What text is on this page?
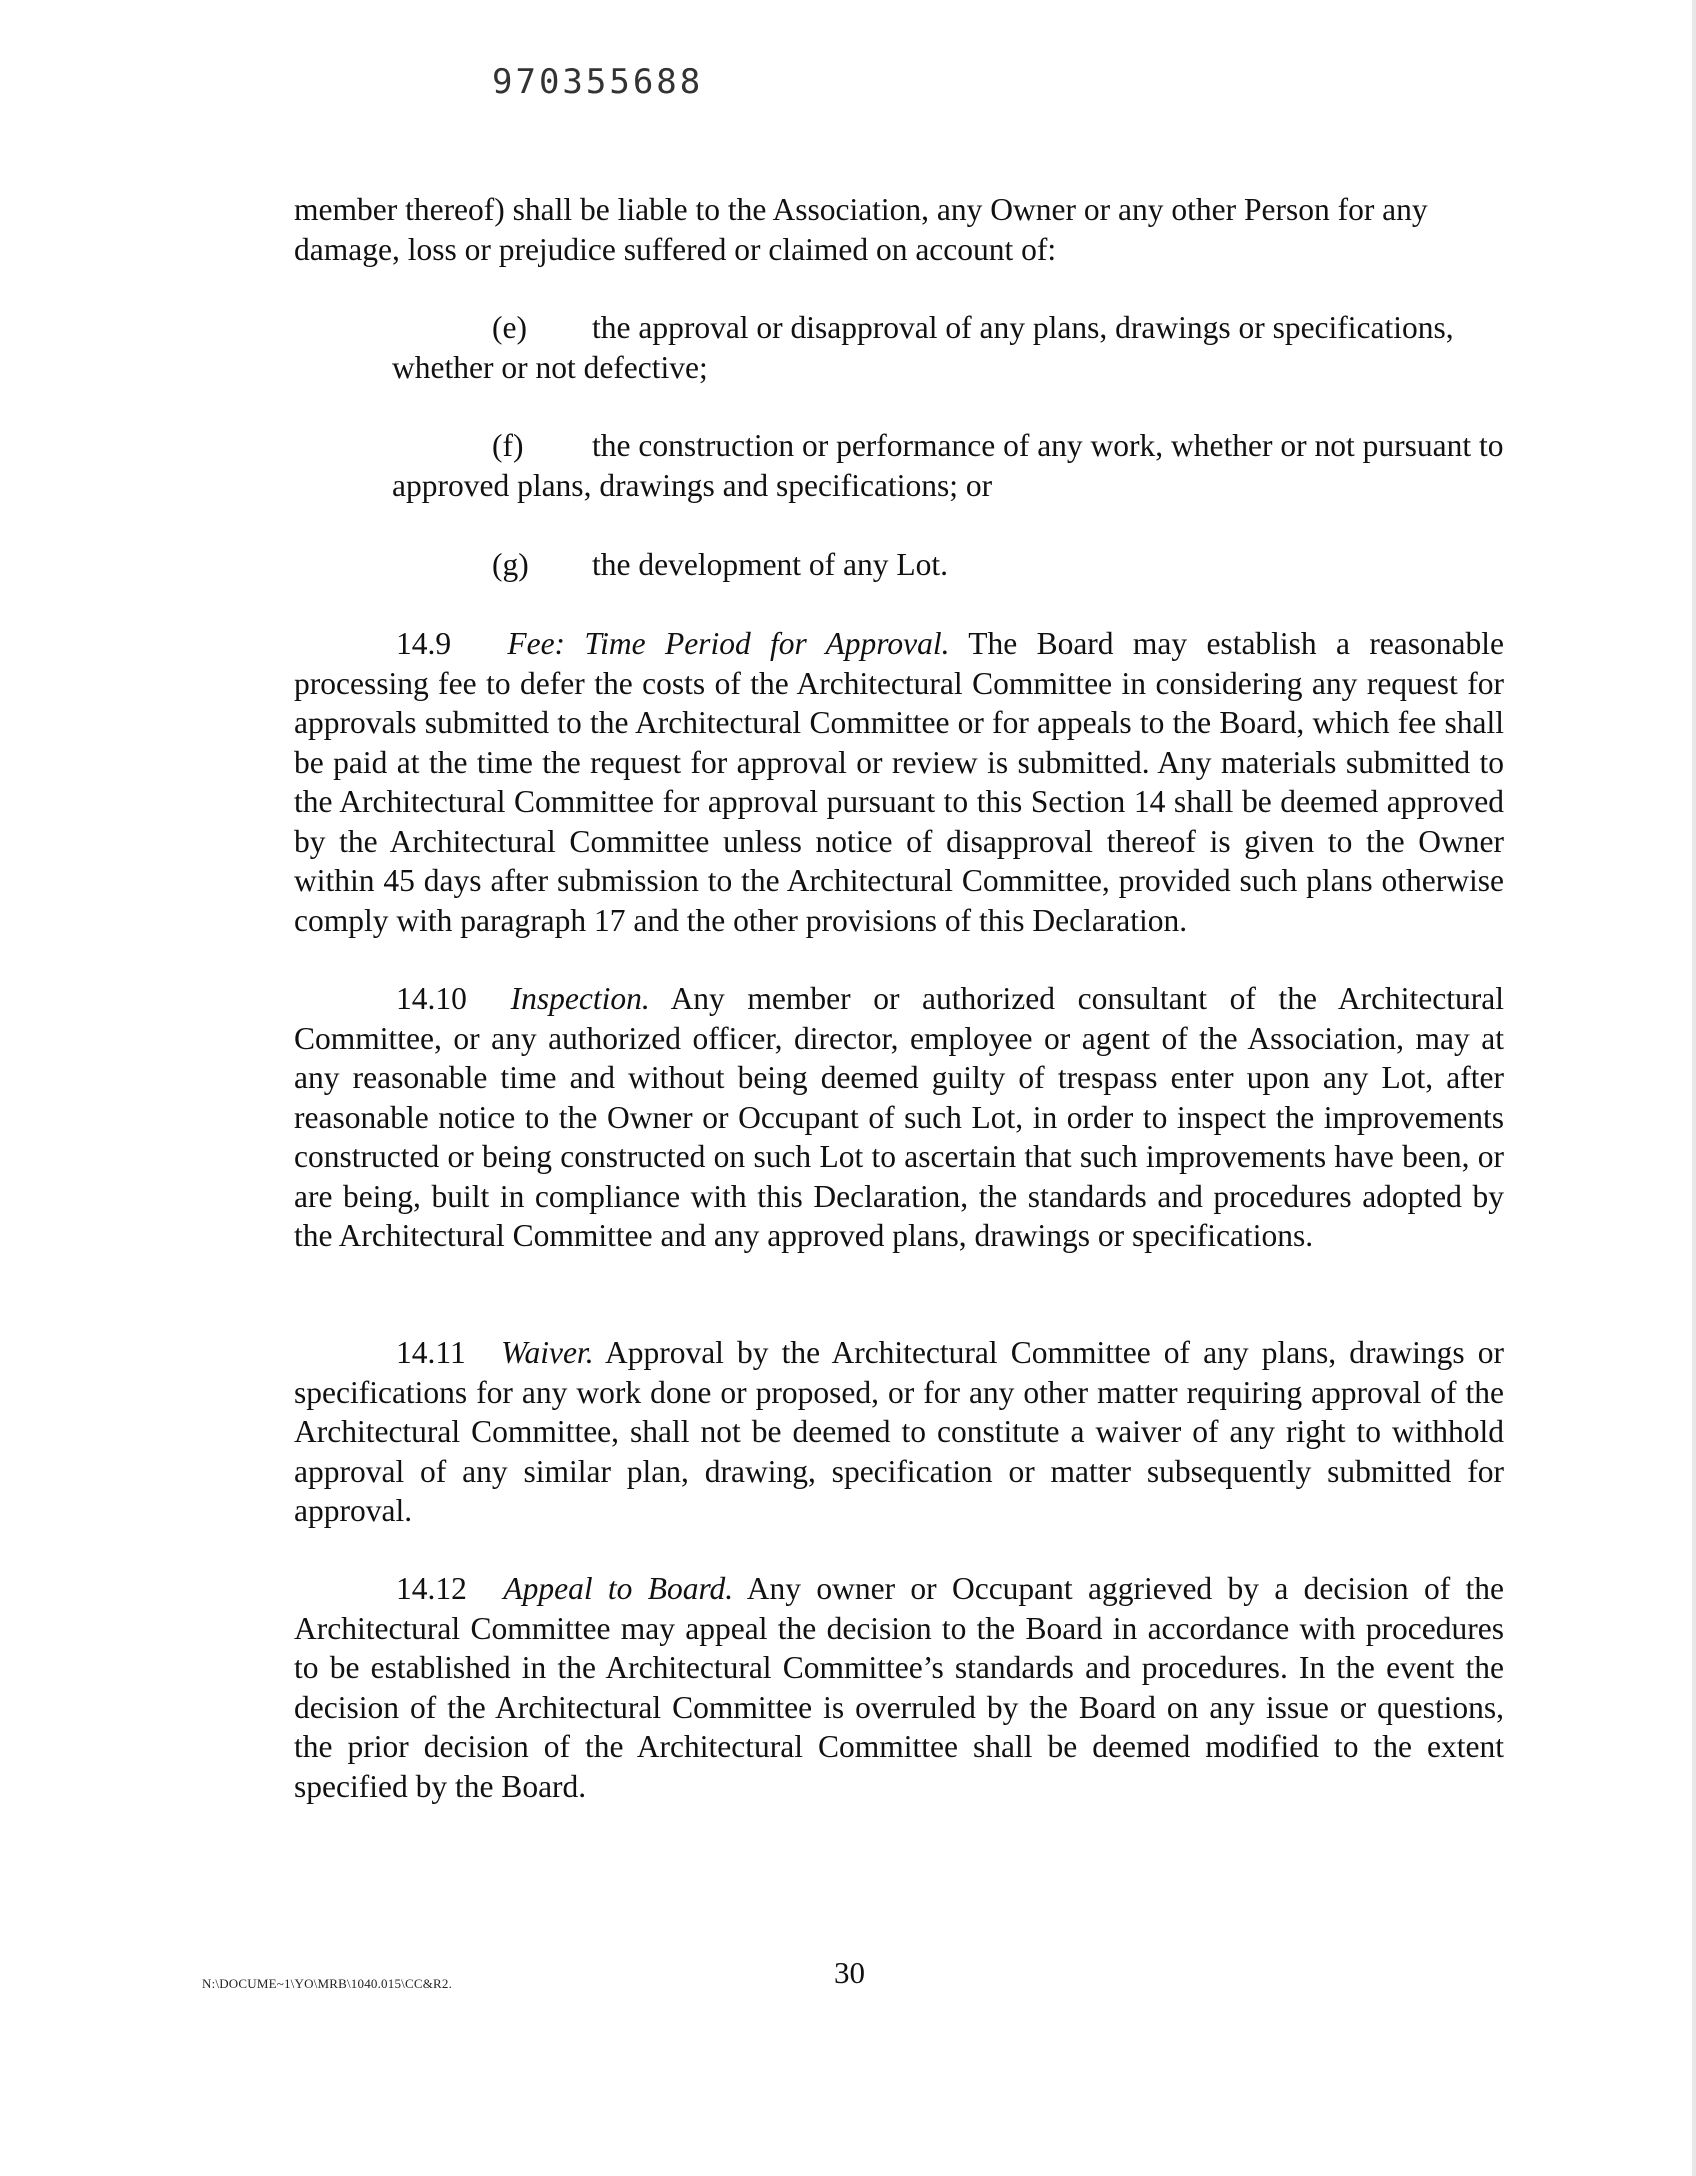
970355688
member thereof) shall be liable to the Association, any Owner or any other Person for any damage, loss or prejudice suffered or claimed on account of:
(e) the approval or disapproval of any plans, drawings or specifications, whether or not defective;
(f) the construction or performance of any work, whether or not pursuant to approved plans, drawings and specifications; or
(g) the development of any Lot.
14.9 Fee: Time Period for Approval. The Board may establish a reasonable processing fee to defer the costs of the Architectural Committee in considering any request for approvals submitted to the Architectural Committee or for appeals to the Board, which fee shall be paid at the time the request for approval or review is submitted. Any materials submitted to the Architectural Committee for approval pursuant to this Section 14 shall be deemed approved by the Architectural Committee unless notice of disapproval thereof is given to the Owner within 45 days after submission to the Architectural Committee, provided such plans otherwise comply with paragraph 17 and the other provisions of this Declaration.
14.10 Inspection. Any member or authorized consultant of the Architectural Committee, or any authorized officer, director, employee or agent of the Association, may at any reasonable time and without being deemed guilty of trespass enter upon any Lot, after reasonable notice to the Owner or Occupant of such Lot, in order to inspect the improvements constructed or being constructed on such Lot to ascertain that such improvements have been, or are being, built in compliance with this Declaration, the standards and procedures adopted by the Architectural Committee and any approved plans, drawings or specifications.
14.11 Waiver. Approval by the Architectural Committee of any plans, drawings or specifications for any work done or proposed, or for any other matter requiring approval of the Architectural Committee, shall not be deemed to constitute a waiver of any right to withhold approval of any similar plan, drawing, specification or matter subsequently submitted for approval.
14.12 Appeal to Board. Any owner or Occupant aggrieved by a decision of the Architectural Committee may appeal the decision to the Board in accordance with procedures to be established in the Architectural Committee’s standards and procedures. In the event the decision of the Architectural Committee is overruled by the Board on any issue or questions, the prior decision of the Architectural Committee shall be deemed modified to the extent specified by the Board.
N:\DOCUME~1\YO\MRB\1040.015\CC&R2.	30
